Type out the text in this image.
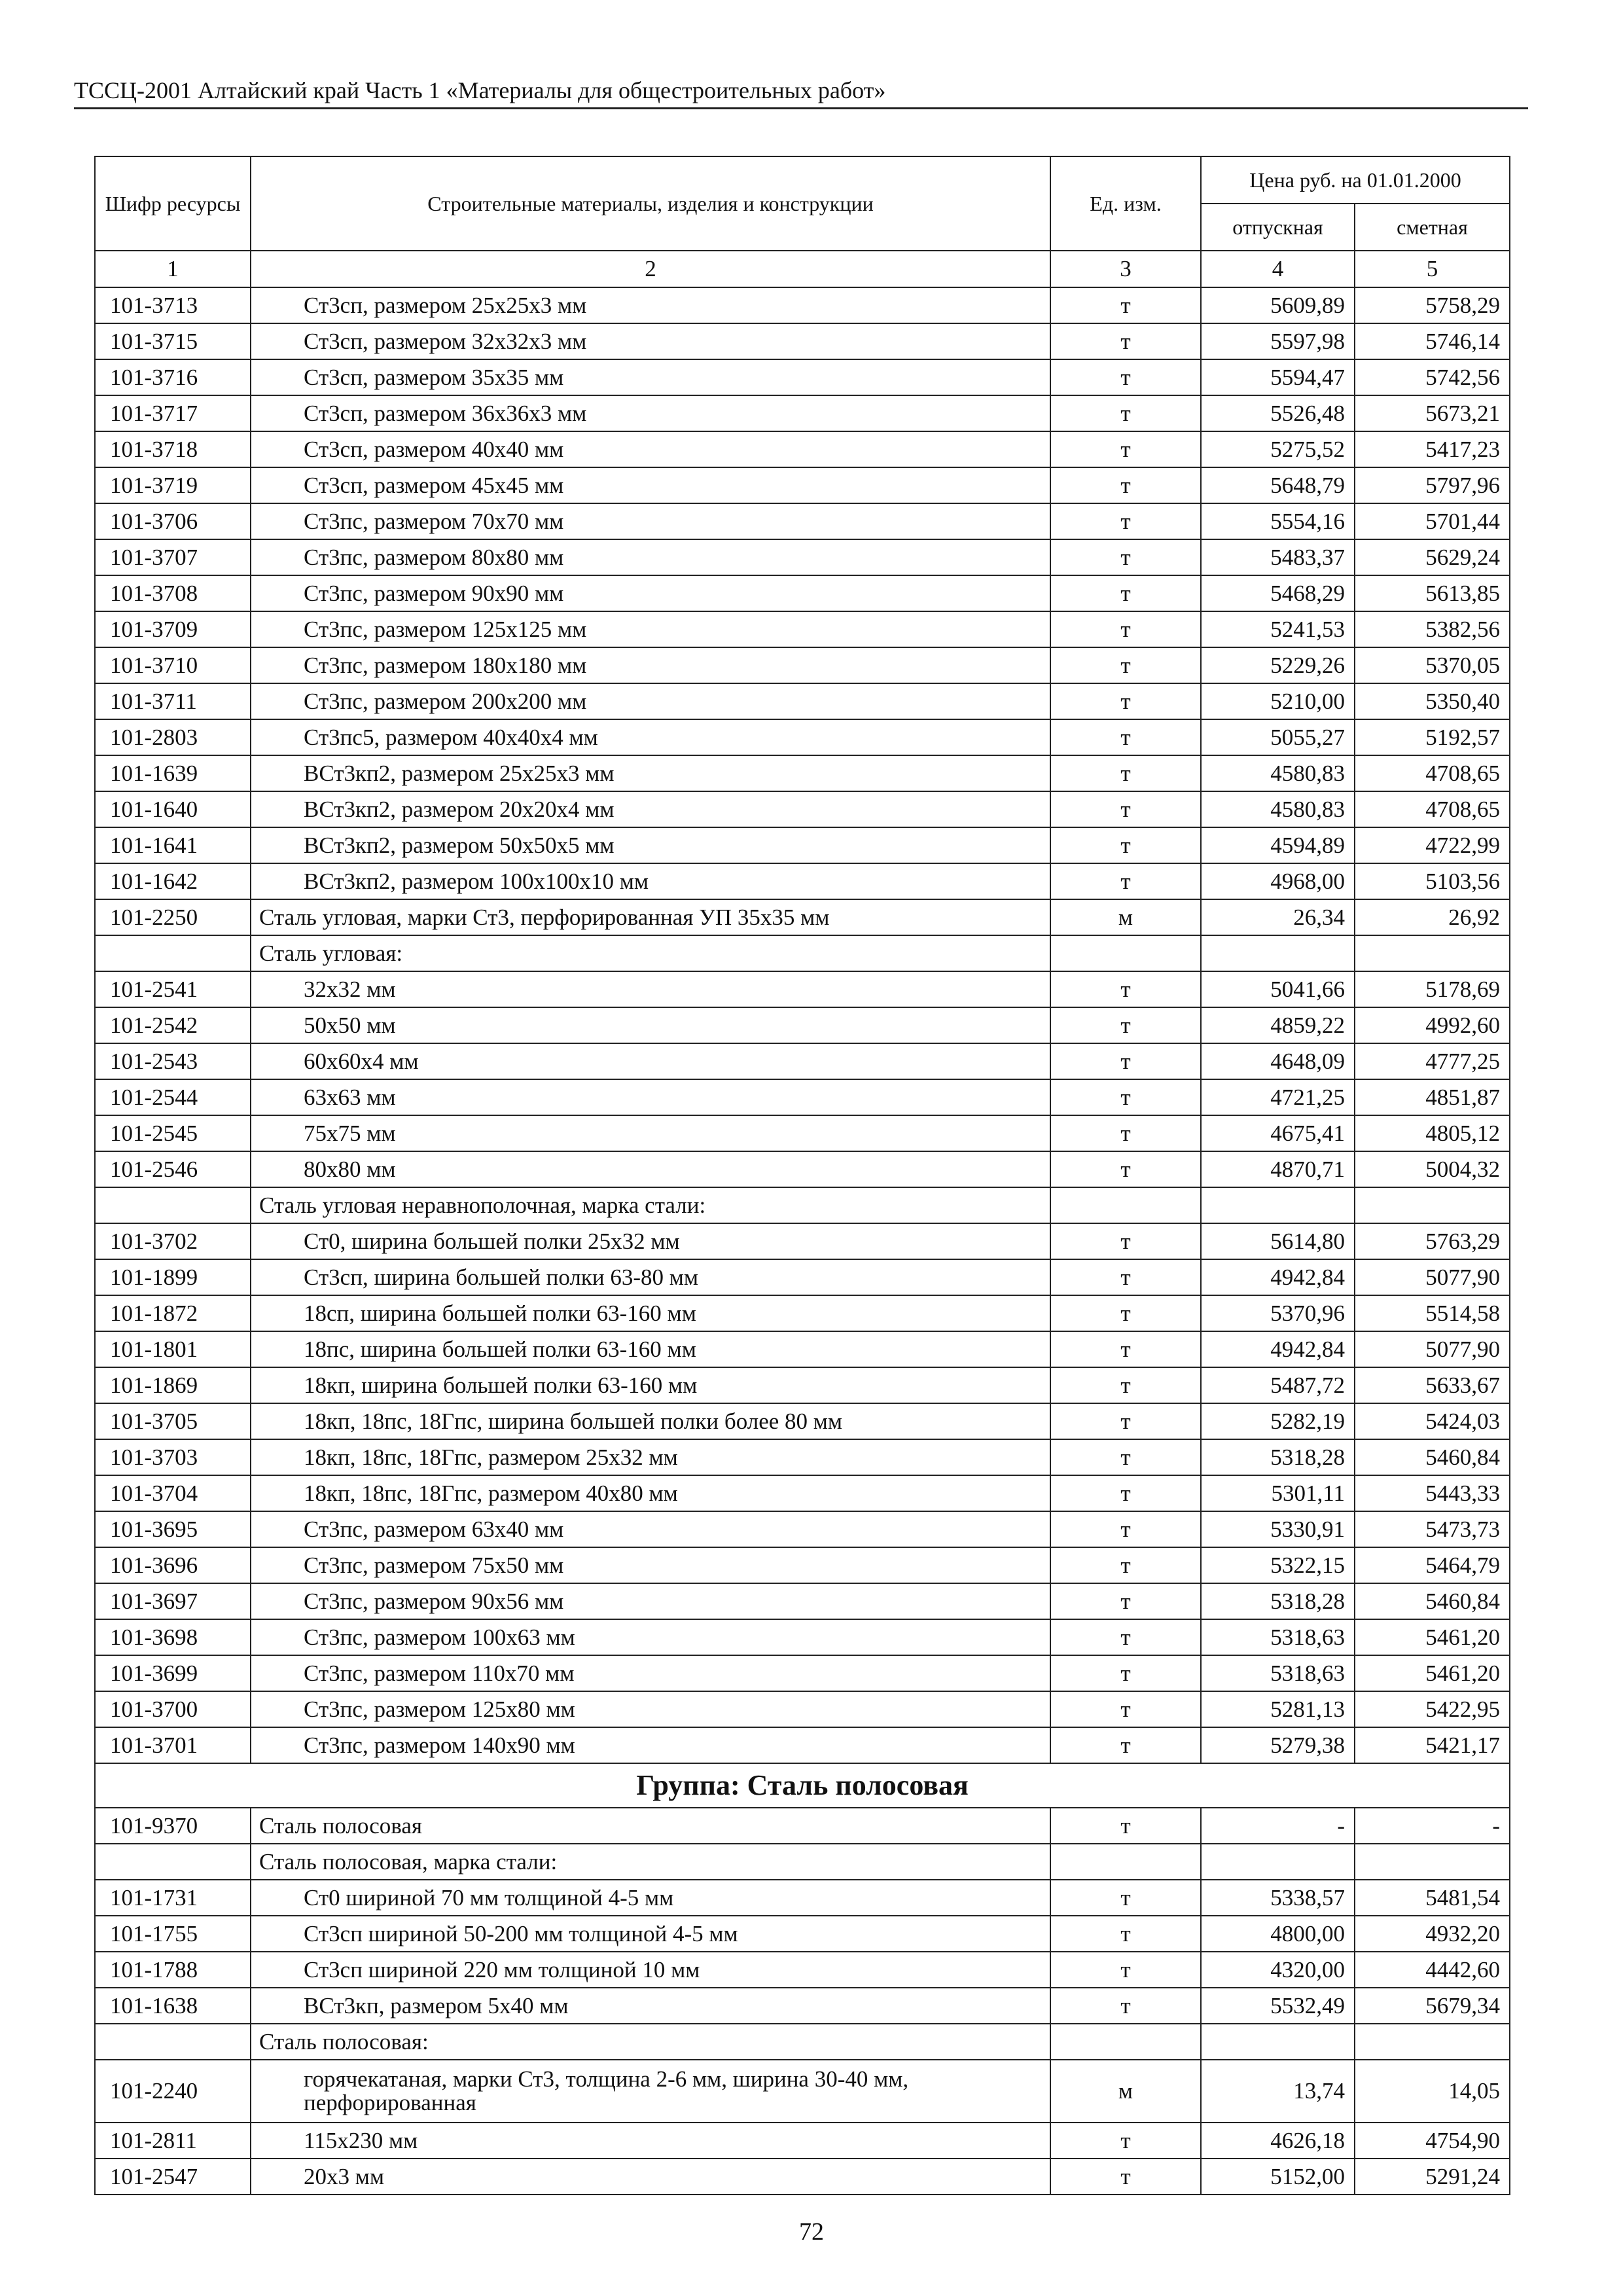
ТССЦ-2001 Алтайский край Часть 1 «Материалы для общестроительных работ»
Шифр ресурсы	Строительные материалы, изделия и конструкции	Ед. изм.	Цена руб. на 01.01.2000	
			отпускная	сметная
1	2	3	4	5
101-3713	Ст3сп, размером 25x25x3 мм	т	5609,89	5758,29
101-3715	Ст3сп, размером 32x32x3 мм	т	5597,98	5746,14
101-3716	Ст3сп, размером 35x35 мм	т	5594,47	5742,56
101-3717	Ст3сп, размером 36x36x3 мм	т	5526,48	5673,21
101-3718	Ст3сп, размером 40x40 мм	т	5275,52	5417,23
101-3719	Ст3сп, размером 45x45 мм	т	5648,79	5797,96
101-3706	Ст3пс, размером 70x70 мм	т	5554,16	5701,44
101-3707	Ст3пс, размером 80x80 мм	т	5483,37	5629,24
101-3708	Ст3пс, размером 90x90 мм	т	5468,29	5613,85
101-3709	Ст3пс, размером 125x125 мм	т	5241,53	5382,56
101-3710	Ст3пс, размером 180x180 мм	т	5229,26	5370,05
101-3711	Ст3пс, размером 200x200 мм	т	5210,00	5350,40
101-2803	Ст3пс5, размером 40x40x4 мм	т	5055,27	5192,57
101-1639	ВСт3кп2, размером 25x25x3 мм	т	4580,83	4708,65
101-1640	ВСт3кп2, размером 20x20x4 мм	т	4580,83	4708,65
101-1641	ВСт3кп2, размером 50x50x5 мм	т	4594,89	4722,99
101-1642	ВСт3кп2, размером 100x100x10 мм	т	4968,00	5103,56
101-2250	Сталь угловая, марки Ст3, перфорированная УП 35x35 мм	м	26,34	26,92
	Сталь угловая:			
101-2541	32x32 мм	т	5041,66	5178,69
101-2542	50x50 мм	т	4859,22	4992,60
101-2543	60x60x4 мм	т	4648,09	4777,25
101-2544	63x63 мм	т	4721,25	4851,87
101-2545	75x75 мм	т	4675,41	4805,12
101-2546	80x80 мм	т	4870,71	5004,32
	Сталь угловая неравнополочная, марка стали:			
101-3702	Ст0, ширина большей полки 25x32 мм	т	5614,80	5763,29
101-1899	Ст3сп, ширина большей полки 63-80 мм	т	4942,84	5077,90
101-1872	18сп, ширина большей полки 63-160 мм	т	5370,96	5514,58
101-1801	18пс, ширина большей полки 63-160 мм	т	4942,84	5077,90
101-1869	18кп, ширина большей полки 63-160 мм	т	5487,72	5633,67
101-3705	18кп, 18пс, 18Гпс, ширина большей полки более 80 мм	т	5282,19	5424,03
101-3703	18кп, 18пс, 18Гпс, размером 25x32 мм	т	5318,28	5460,84
101-3704	18кп, 18пс, 18Гпс, размером 40x80 мм	т	5301,11	5443,33
101-3695	Ст3пс, размером 63x40 мм	т	5330,91	5473,73
101-3696	Ст3пс, размером 75x50 мм	т	5322,15	5464,79
101-3697	Ст3пс, размером 90x56 мм	т	5318,28	5460,84
101-3698	Ст3пс, размером 100x63 мм	т	5318,63	5461,20
101-3699	Ст3пс, размером 110x70 мм	т	5318,63	5461,20
101-3700	Ст3пс, размером 125x80 мм	т	5281,13	5422,95
101-3701	Ст3пс, размером 140x90 мм	т	5279,38	5421,17
Группа: Сталь полосовая				
101-9370	Сталь полосовая	т	-	-
	Сталь полосовая, марка стали:			
101-1731	Ст0 шириной 70 мм толщиной 4-5 мм	т	5338,57	5481,54
101-1755	Ст3сп шириной 50-200 мм толщиной 4-5 мм	т	4800,00	4932,20
101-1788	Ст3сп шириной 220 мм толщиной 10 мм	т	4320,00	4442,60
101-1638	ВСт3кп, размером 5x40 мм	т	5532,49	5679,34
	Сталь полосовая:			
101-2240	горячекатаная, марки Ст3, толщина 2-6 мм, ширина 30-40 мм, перфорированная	м	13,74	14,05
101-2811	115x230 мм	т	4626,18	4754,90
101-2547	20x3 мм	т	5152,00	5291,24
72
